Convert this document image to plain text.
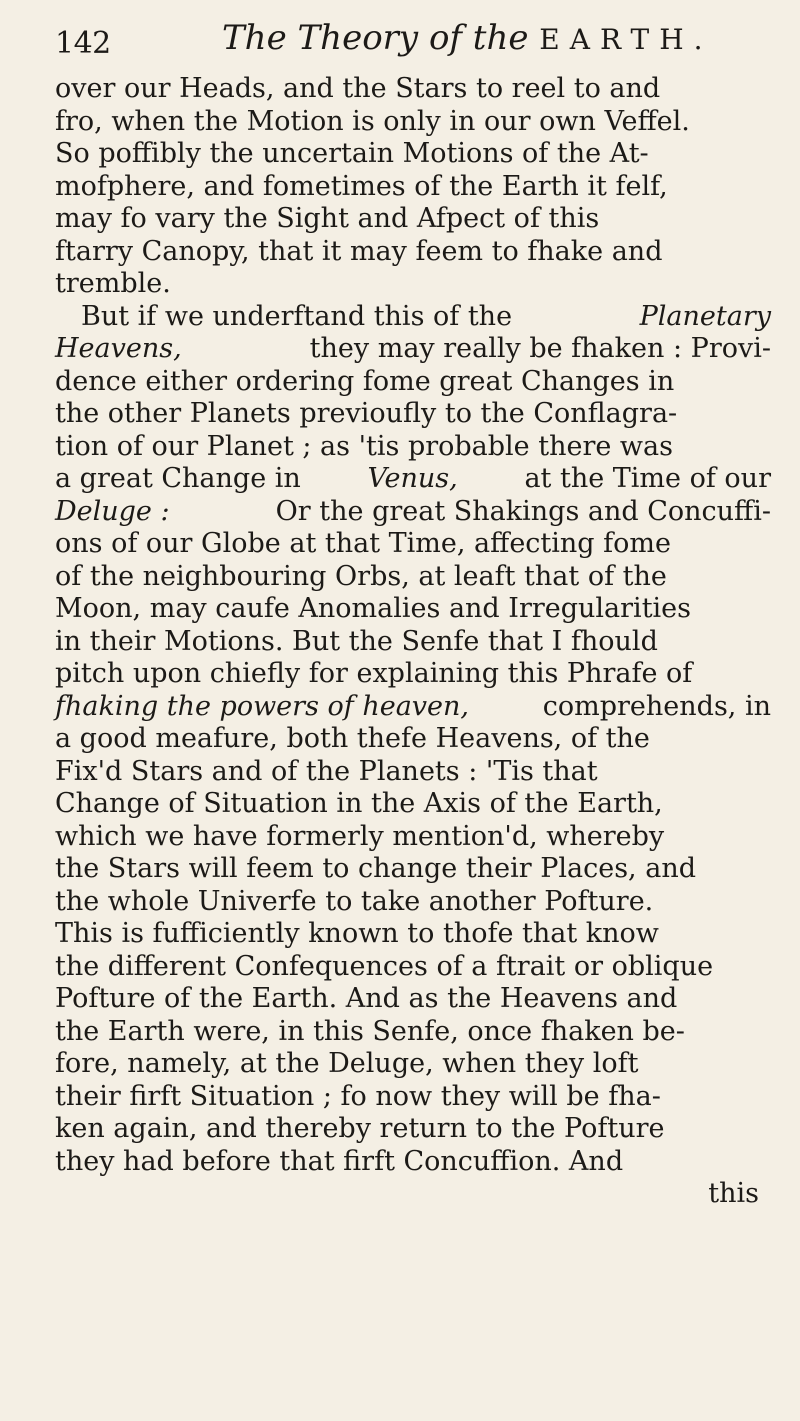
142	The Theory of the EARTH.
over our Heads, and the Stars to reel to and
fro, when the Motion is only in our own Veffel.
So poffibly the uncertain Motions of the At-
mofphere, and fometimes of the Earth it felf,
may fo vary the Sight and Afpect of this
ftarry Canopy, that it may feem to fhake and
tremble.
But if we underftand this of the	Planetary
Heavens,	they may really be fhaken : Provi-
dence either ordering fome great Changes in
the other Planets previoufly to the Conflagra-
tion of our Planet ; as 'tis probable there was
a great Change in Venus, at the Time of our
Deluge :	Or the great Shakings and Concuffi-
ons of our Globe at that Time, affecting fome
of the neighbouring Orbs, at leaft that of the
Moon, may caufe Anomalies and Irregularities
in their Motions. But the Senfe that I fhould
pitch upon chiefly for explaining this Phrafe of
fhaking the powers of heaven,	comprehends, in
a good meafure, both thefe Heavens, of the
Fix'd Stars and of the Planets : 'Tis that
Change of Situation in the Axis of the Earth,
which we have formerly mention'd, whereby
the Stars will feem to change their Places, and
the whole Univerfe to take another Pofture.
This is fufficiently known to thofe that know
the different Confequences of a ftrait or oblique
Pofture of the Earth. And as the Heavens and
the Earth were, in this Senfe, once fhaken be-
fore, namely, at the Deluge, when they loft
their firft Situation ; fo now they will be fha-
ken again, and thereby return to the Pofture
they had before that firft Concuffion. And
this
